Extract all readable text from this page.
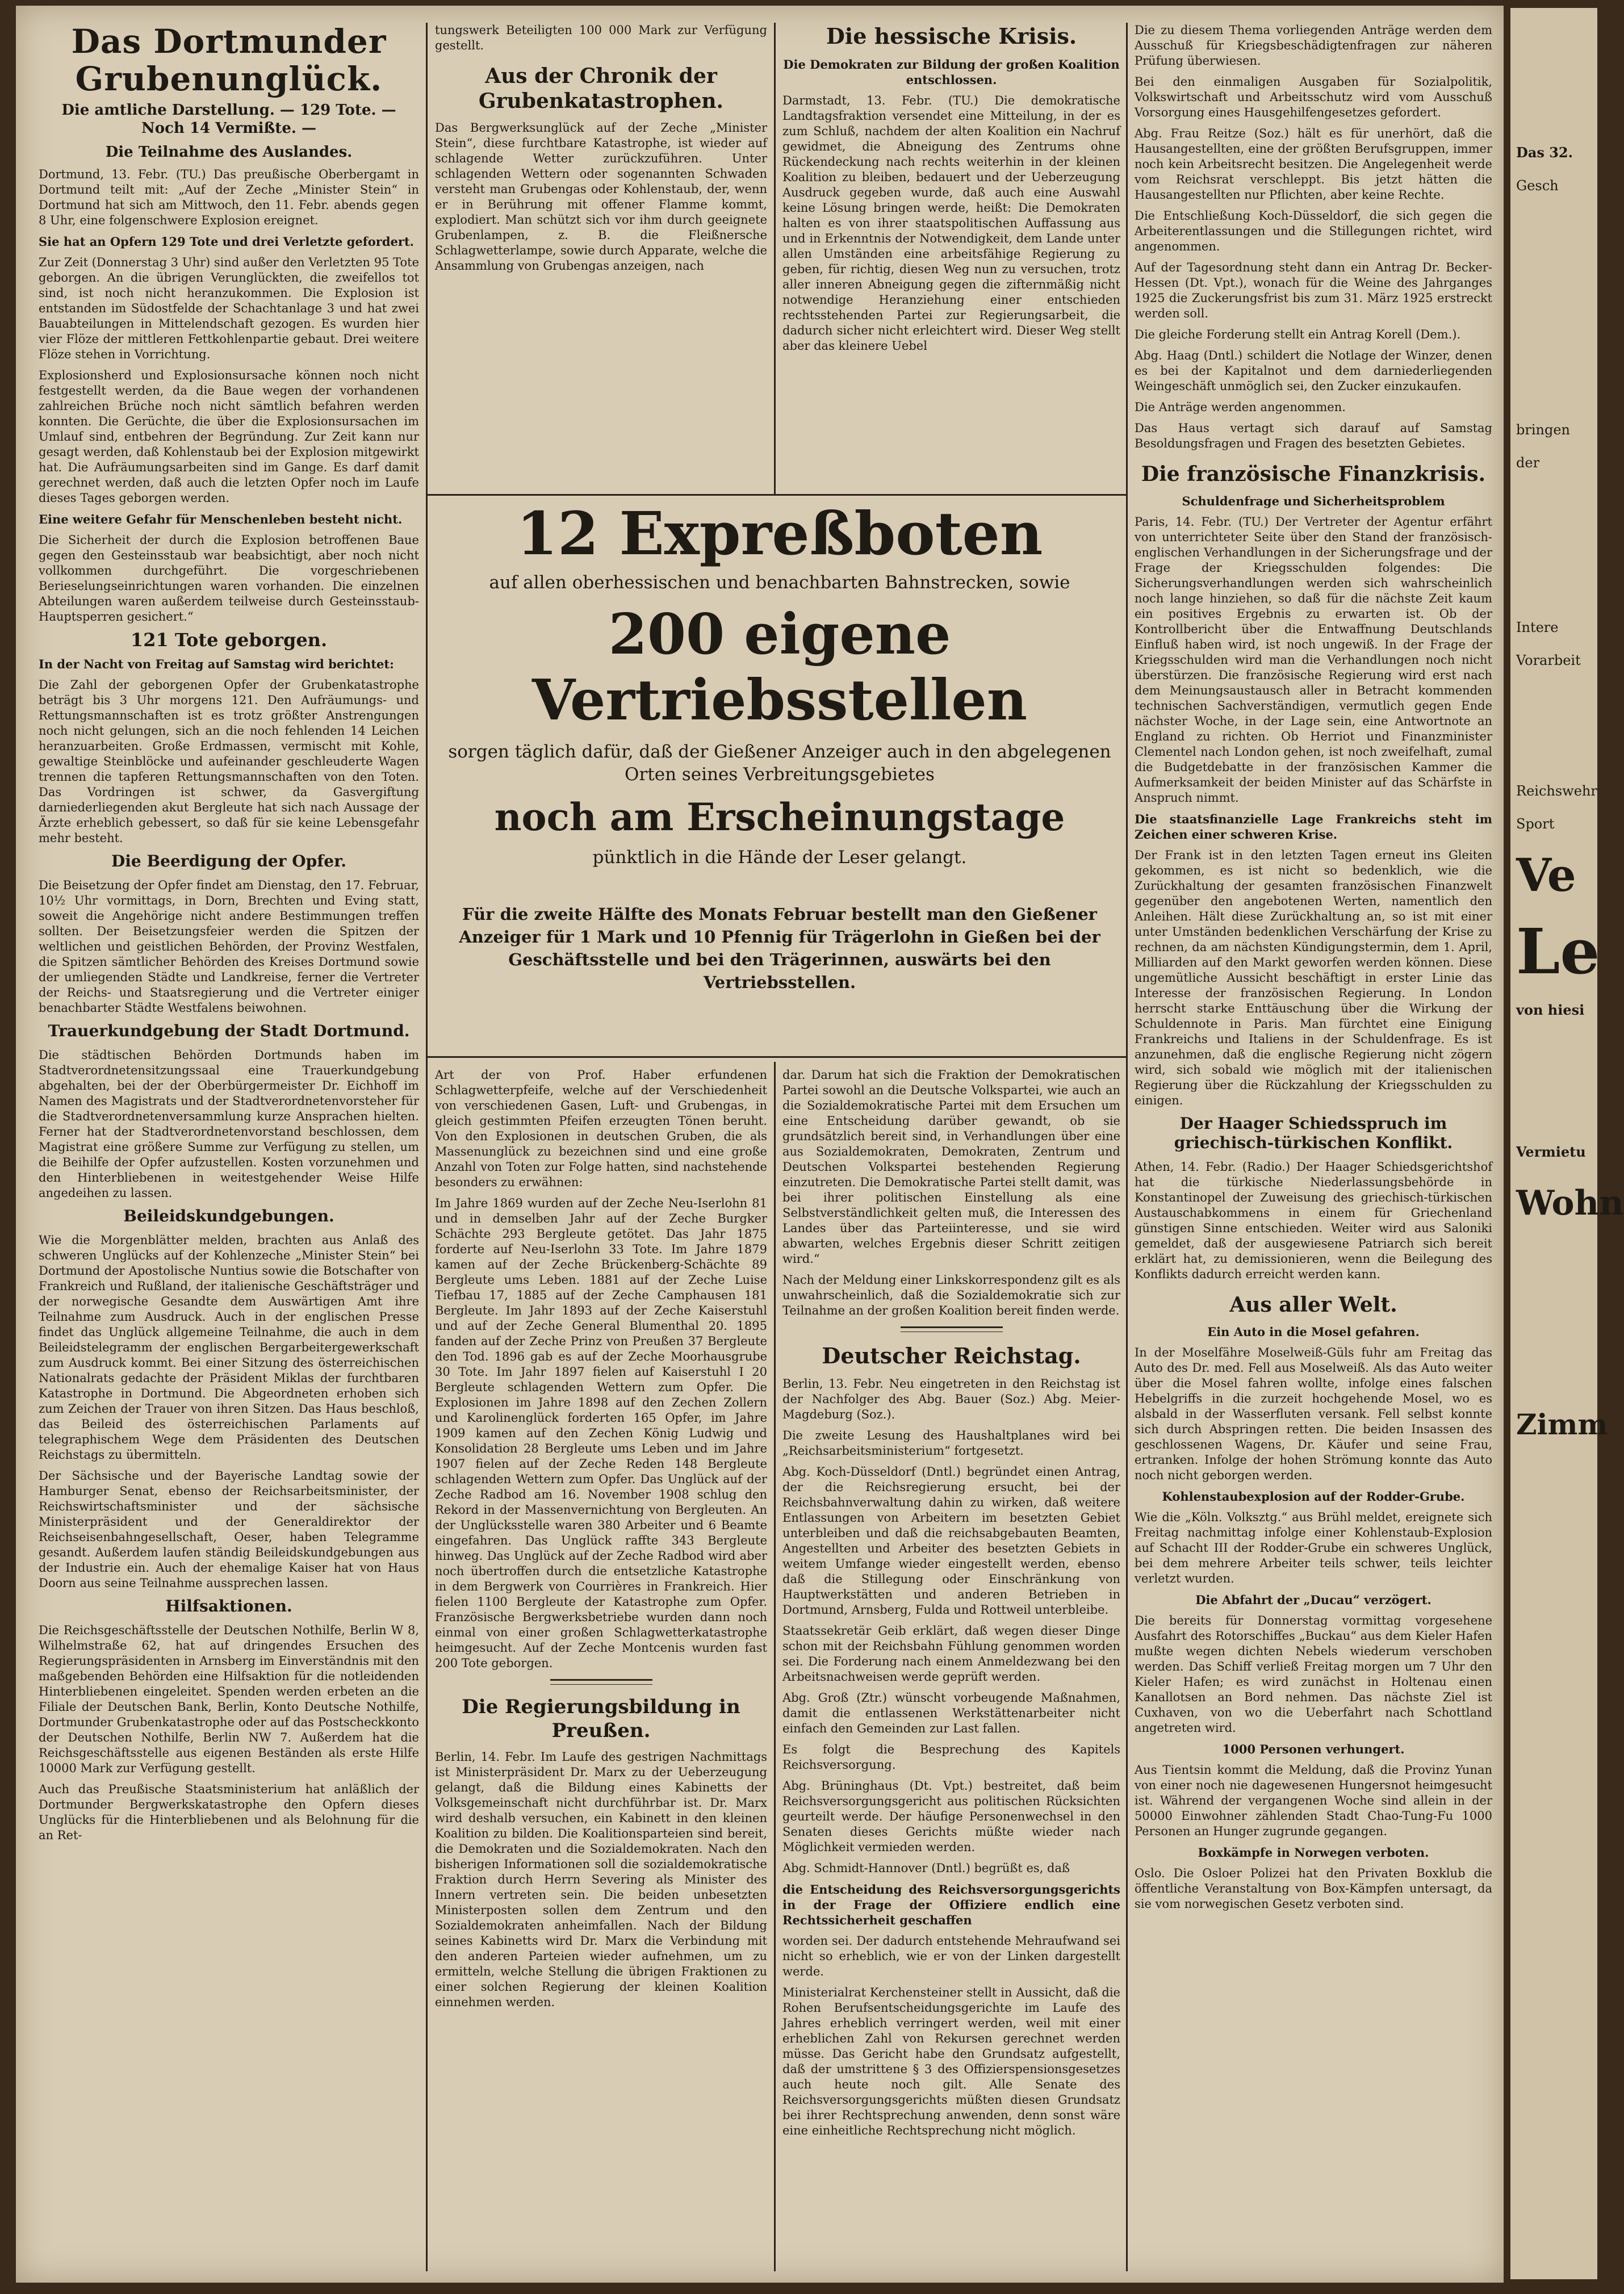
Das Dortmunder Grubenunglück.

Die amtliche Darstellung. — 129 Tote. — Noch 14 Vermißte. —

Die Teilnahme des Auslandes.

Dortmund, 13. Febr. (TU.) Das preußische Oberbergamt in Dortmund teilt mit: „Auf der Zeche „Minister Stein“ in Dortmund hat sich am Mittwoch, den 11. Febr. abends gegen 8 Uhr, eine folgenschwere Explosion ereignet.

Sie hat an Opfern 129 Tote und drei Verletzte gefordert.

Zur Zeit (Donnerstag 3 Uhr) sind außer den Verletzten 95 Tote geborgen. An die übrigen Verunglückten, die zweifellos tot sind, ist noch nicht heranzukommen. Die Explosion ist entstanden im Südostfelde der Schachtanlage 3 und hat zwei Bauabteilungen in Mittelendschaft gezogen. Es wurden hier vier Flöze der mittleren Fettkohlenpartie gebaut. Drei weitere Flöze stehen in Vorrichtung.

Explosionsherd und Explosionsursache können noch nicht festgestellt werden, da die Baue wegen der vorhandenen zahlreichen Brüche noch nicht sämtlich befahren werden konnten. Die Gerüchte, die über die Explosionsursachen im Umlauf sind, entbehren der Begründung. Zur Zeit kann nur gesagt werden, daß Kohlenstaub bei der Explosion mitgewirkt hat. Die Aufräumungsarbeiten sind im Gange. Es darf damit gerechnet werden, daß auch die letzten Opfer noch im Laufe dieses Tages geborgen werden.

Eine weitere Gefahr für Menschenleben besteht nicht.

Die Sicherheit der durch die Explosion betroffenen Baue gegen den Gesteinsstaub war beabsichtigt, aber noch nicht vollkommen durchgeführt. Die vorgeschriebenen Berieselungseinrichtungen waren vorhanden. Die einzelnen Abteilungen waren außerdem teilweise durch Gesteinsstaub-Hauptsperren gesichert.“

121 Tote geborgen.

In der Nacht von Freitag auf Samstag wird berichtet:

Die Zahl der geborgenen Opfer der Grubenkatastrophe beträgt bis 3 Uhr morgens 121. Den Aufräumungs- und Rettungsmannschaften ist es trotz größter Anstrengungen noch nicht gelungen, sich an die noch fehlenden 14 Leichen heranzuarbeiten. Große Erdmassen, vermischt mit Kohle, gewaltige Steinblöcke und aufeinander geschleuderte Wagen trennen die tapferen Rettungsmannschaften von den Toten. Das Vordringen ist schwer, da Gasvergiftung darniederliegenden akut Bergleute hat sich nach Aussage der Ärzte erheblich gebessert, so daß für sie keine Lebensgefahr mehr besteht.

Die Beerdigung der Opfer.

Die Beisetzung der Opfer findet am Dienstag, den 17. Februar, 10½ Uhr vormittags, in Dorn, Brechten und Eving statt, soweit die Angehörige nicht andere Bestimmungen treffen sollten. Der Beisetzungsfeier werden die Spitzen der weltlichen und geistlichen Behörden, der Provinz Westfalen, die Spitzen sämtlicher Behörden des Kreises Dortmund sowie der umliegenden Städte und Landkreise, ferner die Vertreter der Reichs- und Staatsregierung und die Vertreter einiger benachbarter Städte Westfalens beiwohnen.

Trauerkundgebung der Stadt Dortmund.

Die städtischen Behörden Dortmunds haben im Stadtverordnetensitzungssaal eine Trauerkundgebung abgehalten, bei der der Oberbürgermeister Dr. Eichhoff im Namen des Magistrats und der Stadtverordnetenvorsteher für die Stadtverordnetenversammlung kurze Ansprachen hielten. Ferner hat der Stadtverordnetenvorstand beschlossen, dem Magistrat eine größere Summe zur Verfügung zu stellen, um die Beihilfe der Opfer aufzustellen. Kosten vorzunehmen und den Hinterbliebenen in weitestgehender Weise Hilfe angedeihen zu lassen.

Beileidskundgebungen.

Wie die Morgenblätter melden, brachten aus Anlaß des schweren Unglücks auf der Kohlenzeche „Minister Stein“ bei Dortmund der Apostolische Nuntius sowie die Botschafter von Frankreich und Rußland, der italienische Geschäftsträger und der norwegische Gesandte dem Auswärtigen Amt ihre Teilnahme zum Ausdruck. Auch in der englischen Presse findet das Unglück allgemeine Teilnahme, die auch in dem Beileidstelegramm der englischen Bergarbeitergewerkschaft zum Ausdruck kommt. Bei einer Sitzung des österreichischen Nationalrats gedachte der Präsident Miklas der furchtbaren Katastrophe in Dortmund. Die Abgeordneten erhoben sich zum Zeichen der Trauer von ihren Sitzen. Das Haus beschloß, das Beileid des österreichischen Parlaments auf telegraphischem Wege dem Präsidenten des Deutschen Reichstags zu übermitteln.

Der Sächsische und der Bayerische Landtag sowie der Hamburger Senat, ebenso der Reichsarbeitsminister, der Reichswirtschaftsminister und der sächsische Ministerpräsident und der Generaldirektor der Reichseisenbahngesellschaft, Oeser, haben Telegramme gesandt. Außerdem laufen ständig Beileidskundgebungen aus der Industrie ein. Auch der ehemalige Kaiser hat von Haus Doorn aus seine Teilnahme aussprechen lassen.

Hilfsaktionen.

Die Reichsgeschäftsstelle der Deutschen Nothilfe, Berlin W 8, Wilhelmstraße 62, hat auf dringendes Ersuchen des Regierungspräsidenten in Arnsberg im Einverständnis mit den maßgebenden Behörden eine Hilfsaktion für die notleidenden Hinterbliebenen eingeleitet. Spenden werden erbeten an die Filiale der Deutschen Bank, Berlin, Konto Deutsche Nothilfe, Dortmunder Grubenkatastrophe oder auf das Postscheckkonto der Deutschen Nothilfe, Berlin NW 7. Außerdem hat die Reichsgeschäftsstelle aus eigenen Beständen als erste Hilfe 10000 Mark zur Verfügung gestellt.

Auch das Preußische Staatsministerium hat anläßlich der Dortmunder Bergwerkskatastrophe den Opfern dieses Unglücks für die Hinterbliebenen und als Belohnung für die an Ret-

tungswerk Beteiligten 100 000 Mark zur Verfügung gestellt.

Aus der Chronik der Grubenkatastrophen.

Das Bergwerksunglück auf der Zeche „Minister Stein“, diese furchtbare Katastrophe, ist wieder auf schlagende Wetter zurückzuführen. Unter schlagenden Wettern oder sogenannten Schwaden versteht man Grubengas oder Kohlenstaub, der, wenn er in Berührung mit offener Flamme kommt, explodiert. Man schützt sich vor ihm durch geeignete Grubenlampen, z. B. die Fleißnersche Schlagwetterlampe, sowie durch Apparate, welche die Ansammlung von Grubengas anzeigen, nach

Die hessische Krisis.

Die Demokraten zur Bildung der großen Koalition entschlossen.

Darmstadt, 13. Febr. (TU.) Die demokratische Landtagsfraktion versendet eine Mitteilung, in der es zum Schluß, nachdem der alten Koalition ein Nachruf gewidmet, die Abneigung des Zentrums ohne Rückendeckung nach rechts weiterhin in der kleinen Koalition zu bleiben, bedauert und der Ueberzeugung Ausdruck gegeben wurde, daß auch eine Auswahl keine Lösung bringen werde, heißt: Die Demokraten halten es von ihrer staatspolitischen Auffassung aus und in Erkenntnis der Notwendigkeit, dem Lande unter allen Umständen eine arbeitsfähige Regierung zu geben, für richtig, diesen Weg nun zu versuchen, trotz aller inneren Abneigung gegen die zifternmäßig nicht notwendige Heranziehung einer entschieden rechtsstehenden Partei zur Regierungsarbeit, die dadurch sicher nicht erleichtert wird. Dieser Weg stellt aber das kleinere Uebel

12 Expreßboten

auf allen oberhessischen und benachbarten Bahnstrecken, sowie

200 eigene Vertriebsstellen

sorgen täglich dafür, daß der Gießener Anzeiger auch in den abgelegenen Orten seines Verbreitungsgebietes

noch am Erscheinungstage

pünktlich in die Hände der Leser gelangt.

Für die zweite Hälfte des Monats Februar bestellt man den Gießener Anzeiger für 1 Mark und 10 Pfennig für Trägerlohn in Gießen bei der Geschäftsstelle und bei den Trägerinnen, auswärts bei den Vertriebsstellen.

Art der von Prof. Haber erfundenen Schlagwetterpfeife, welche auf der Verschiedenheit von verschiedenen Gasen, Luft- und Grubengas, in gleich gestimmten Pfeifen erzeugten Tönen beruht. Von den Explosionen in deutschen Gruben, die als Massenunglück zu bezeichnen sind und eine große Anzahl von Toten zur Folge hatten, sind nachstehende besonders zu erwähnen:

Im Jahre 1869 wurden auf der Zeche Neu-Iserlohn 81 und in demselben Jahr auf der Zeche Burgker Schächte 293 Bergleute getötet. Das Jahr 1875 forderte auf Neu-Iserlohn 33 Tote. Im Jahre 1879 kamen auf der Zeche Brückenberg-Schächte 89 Bergleute ums Leben. 1881 auf der Zeche Luise Tiefbau 17, 1885 auf der Zeche Camphausen 181 Bergleute. Im Jahr 1893 auf der Zeche Kaiserstuhl und auf der Zeche General Blumenthal 20. 1895 fanden auf der Zeche Prinz von Preußen 37 Bergleute den Tod. 1896 gab es auf der Zeche Moorhausgrube 30 Tote. Im Jahr 1897 fielen auf Kaiserstuhl I 20 Bergleute schlagenden Wettern zum Opfer. Die Explosionen im Jahre 1898 auf den Zechen Zollern und Karolinenglück forderten 165 Opfer, im Jahre 1909 kamen auf den Zechen König Ludwig und Konsolidation 28 Bergleute ums Leben und im Jahre 1907 fielen auf der Zeche Reden 148 Bergleute schlagenden Wettern zum Opfer. Das Unglück auf der Zeche Radbod am 16. November 1908 schlug den Rekord in der Massenvernichtung von Bergleuten. An der Unglücksstelle waren 380 Arbeiter und 6 Beamte eingefahren. Das Unglück raffte 343 Bergleute hinweg. Das Unglück auf der Zeche Radbod wird aber noch übertroffen durch die entsetzliche Katastrophe in dem Bergwerk von Courrières in Frankreich. Hier fielen 1100 Bergleute der Katastrophe zum Opfer. Französische Bergwerksbetriebe wurden dann noch einmal von einer großen Schlagwetterkatastrophe heimgesucht. Auf der Zeche Montcenis wurden fast 200 Tote geborgen.

Die Regierungsbildung in Preußen.

Berlin, 14. Febr. Im Laufe des gestrigen Nachmittags ist Ministerpräsident Dr. Marx zu der Ueberzeugung gelangt, daß die Bildung eines Kabinetts der Volksgemeinschaft nicht durchführbar ist. Dr. Marx wird deshalb versuchen, ein Kabinett in den kleinen Koalition zu bilden. Die Koalitionsparteien sind bereit, die Demokraten und die Sozialdemokraten. Nach den bisherigen Informationen soll die sozialdemokratische Fraktion durch Herrn Severing als Minister des Innern vertreten sein. Die beiden unbesetzten Ministerposten sollen dem Zentrum und den Sozialdemokraten anheimfallen. Nach der Bildung seines Kabinetts wird Dr. Marx die Verbindung mit den anderen Parteien wieder aufnehmen, um zu ermitteln, welche Stellung die übrigen Fraktionen zu einer solchen Regierung der kleinen Koalition einnehmen werden.

dar. Darum hat sich die Fraktion der Demokratischen Partei sowohl an die Deutsche Volkspartei, wie auch an die Sozialdemokratische Partei mit dem Ersuchen um eine Entscheidung darüber gewandt, ob sie grundsätzlich bereit sind, in Verhandlungen über eine aus Sozialdemokraten, Demokraten, Zentrum und Deutschen Volkspartei bestehenden Regierung einzutreten. Die Demokratische Partei stellt damit, was bei ihrer politischen Einstellung als eine Selbstverständlichkeit gelten muß, die Interessen des Landes über das Parteiinteresse, und sie wird abwarten, welches Ergebnis dieser Schritt zeitigen wird.“

Nach der Meldung einer Linkskorrespondenz gilt es als unwahrscheinlich, daß die Sozialdemokratie sich zur Teilnahme an der großen Koalition bereit finden werde.

Deutscher Reichstag.

Berlin, 13. Febr. Neu eingetreten in den Reichstag ist der Nachfolger des Abg. Bauer (Soz.) Abg. Meier-Magdeburg (Soz.).

Die zweite Lesung des Haushaltplanes wird bei „Reichsarbeitsministerium“ fortgesetzt.

Abg. Koch-Düsseldorf (Dntl.) begründet einen Antrag, der die Reichsregierung ersucht, bei der Reichsbahnverwaltung dahin zu wirken, daß weitere Entlassungen von Arbeitern im besetzten Gebiet unterbleiben und daß die reichsabgebauten Beamten, Angestellten und Arbeiter des besetzten Gebiets in weitem Umfange wieder eingestellt werden, ebenso daß die Stillegung oder Einschränkung von Hauptwerkstätten und anderen Betrieben in Dortmund, Arnsberg, Fulda und Rottweil unterbleibe.

Staatssekretär Geib erklärt, daß wegen dieser Dinge schon mit der Reichsbahn Fühlung genommen worden sei. Die Forderung nach einem Anmeldezwang bei den Arbeitsnachweisen werde geprüft werden.

Abg. Groß (Ztr.) wünscht vorbeugende Maßnahmen, damit die entlassenen Werkstättenarbeiter nicht einfach den Gemeinden zur Last fallen.

Es folgt die Besprechung des Kapitels Reichsversorgung.

Abg. Brüninghaus (Dt. Vpt.) bestreitet, daß beim Reichsversorgungsgericht aus politischen Rücksichten geurteilt werde. Der häufige Personenwechsel in den Senaten dieses Gerichts müßte wieder nach Möglichkeit vermieden werden.

Abg. Schmidt-Hannover (Dntl.) begrüßt es, daß

die Entscheidung des Reichsversorgungsgerichts in der Frage der Offiziere endlich eine Rechtssicherheit geschaffen

worden sei. Der dadurch entstehende Mehraufwand sei nicht so erheblich, wie er von der Linken dargestellt werde.

Ministerialrat Kerchensteiner stellt in Aussicht, daß die Rohen Berufsentscheidungsgerichte im Laufe des Jahres erheblich verringert werden, weil mit einer erheblichen Zahl von Rekursen gerechnet werden müsse. Das Gericht habe den Grundsatz aufgestellt, daß der umstrittene § 3 des Offizierspensionsgesetzes auch heute noch gilt. Alle Senate des Reichsversorgungsgerichts müßten diesen Grundsatz bei ihrer Rechtsprechung anwenden, denn sonst wäre eine einheitliche Rechtsprechung nicht möglich.

Die zu diesem Thema vorliegenden Anträge werden dem Ausschuß für Kriegsbeschädigtenfragen zur näheren Prüfung überwiesen.

Bei den einmaligen Ausgaben für Sozialpolitik, Volkswirtschaft und Arbeitsschutz wird vom Ausschuß Vorsorgung eines Hausgehilfengesetzes gefordert.

Abg. Frau Reitze (Soz.) hält es für unerhört, daß die Hausangestellten, eine der größten Berufsgruppen, immer noch kein Arbeitsrecht besitzen. Die Angelegenheit werde vom Reichsrat verschleppt. Bis jetzt hätten die Hausangestellten nur Pflichten, aber keine Rechte.

Die Entschließung Koch-Düsseldorf, die sich gegen die Arbeiterentlassungen und die Stillegungen richtet, wird angenommen.

Auf der Tagesordnung steht dann ein Antrag Dr. Becker-Hessen (Dt. Vpt.), wonach für die Weine des Jahrganges 1925 die Zuckerungsfrist bis zum 31. März 1925 erstreckt werden soll.

Die gleiche Forderung stellt ein Antrag Korell (Dem.).

Abg. Haag (Dntl.) schildert die Notlage der Winzer, denen es bei der Kapitalnot und dem darniederliegenden Weingeschäft unmöglich sei, den Zucker einzukaufen.

Die Anträge werden angenommen.

Das Haus vertagt sich darauf auf Samstag Besoldungsfragen und Fragen des besetzten Gebietes.

Die französische Finanzkrisis.

Schuldenfrage und Sicherheitsproblem

Paris, 14. Febr. (TU.) Der Vertreter der Agentur erfährt von unterrichteter Seite über den Stand der französisch-englischen Verhandlungen in der Sicherungsfrage und der Frage der Kriegsschulden folgendes: Die Sicherungsverhandlungen werden sich wahrscheinlich noch lange hinziehen, so daß für die nächste Zeit kaum ein positives Ergebnis zu erwarten ist. Ob der Kontrollbericht über die Entwaffnung Deutschlands Einfluß haben wird, ist noch ungewiß. In der Frage der Kriegsschulden wird man die Verhandlungen noch nicht überstürzen. Die französische Regierung wird erst nach dem Meinungsaustausch aller in Betracht kommenden technischen Sachverständigen, vermutlich gegen Ende nächster Woche, in der Lage sein, eine Antwortnote an England zu richten. Ob Herriot und Finanzminister Clementel nach London gehen, ist noch zweifelhaft, zumal die Budgetdebatte in der französischen Kammer die Aufmerksamkeit der beiden Minister auf das Schärfste in Anspruch nimmt.

Die staatsfinanzielle Lage Frankreichs steht im Zeichen einer schweren Krise.

Der Frank ist in den letzten Tagen erneut ins Gleiten gekommen, es ist nicht so bedenklich, wie die Zurückhaltung der gesamten französischen Finanzwelt gegenüber den angebotenen Werten, namentlich den Anleihen. Hält diese Zurückhaltung an, so ist mit einer unter Umständen bedenklichen Verschärfung der Krise zu rechnen, da am nächsten Kündigungstermin, dem 1. April, Milliarden auf den Markt geworfen werden können. Diese ungemütliche Aussicht beschäftigt in erster Linie das Interesse der französischen Regierung. In London herrscht starke Enttäuschung über die Wirkung der Schuldennote in Paris. Man fürchtet eine Einigung Frankreichs und Italiens in der Schuldenfrage. Es ist anzunehmen, daß die englische Regierung nicht zögern wird, sich sobald wie möglich mit der italienischen Regierung über die Rückzahlung der Kriegsschulden zu einigen.

Der Haager Schiedsspruch im griechisch-türkischen Konflikt.

Athen, 14. Febr. (Radio.) Der Haager Schiedsgerichtshof hat die türkische Niederlassungsbehörde in Konstantinopel der Zuweisung des griechisch-türkischen Austauschabkommens in einem für Griechenland günstigen Sinne entschieden. Weiter wird aus Saloniki gemeldet, daß der ausgewiesene Patriarch sich bereit erklärt hat, zu demissionieren, wenn die Beilegung des Konflikts dadurch erreicht werden kann.

Aus aller Welt.

Ein Auto in die Mosel gefahren.

In der Moselfähre Moselweiß-Güls fuhr am Freitag das Auto des Dr. med. Fell aus Moselweiß. Als das Auto weiter über die Mosel fahren wollte, infolge eines falschen Hebelgriffs in die zurzeit hochgehende Mosel, wo es alsbald in der Wasserfluten versank. Fell selbst konnte sich durch Abspringen retten. Die beiden Insassen des geschlossenen Wagens, Dr. Käufer und seine Frau, ertranken. Infolge der hohen Strömung konnte das Auto noch nicht geborgen werden.

Kohlenstaubexplosion auf der Rodder-Grube.

Wie die „Köln. Volksztg.“ aus Brühl meldet, ereignete sich Freitag nachmittag infolge einer Kohlenstaub-Explosion auf Schacht III der Rodder-Grube ein schweres Unglück, bei dem mehrere Arbeiter teils schwer, teils leichter verletzt wurden.

Die Abfahrt der „Ducau“ verzögert.

Die bereits für Donnerstag vormittag vorgesehene Ausfahrt des Rotorschiffes „Buckau“ aus dem Kieler Hafen mußte wegen dichten Nebels wiederum verschoben werden. Das Schiff verließ Freitag morgen um 7 Uhr den Kieler Hafen; es wird zunächst in Holtenau einen Kanallotsen an Bord nehmen. Das nächste Ziel ist Cuxhaven, von wo die Ueberfahrt nach Schottland angetreten wird.

1000 Personen verhungert.

Aus Tientsin kommt die Meldung, daß die Provinz Yunan von einer noch nie dagewesenen Hungersnot heimgesucht ist. Während der vergangenen Woche sind allein in der 50000 Einwohner zählenden Stadt Chao-Tung-Fu 1000 Personen an Hunger zugrunde gegangen.

Boxkämpfe in Norwegen verboten.

Oslo. Die Osloer Polizei hat den Privaten Boxklub die öffentliche Veranstaltung von Box-Kämpfen untersagt, da sie vom norwegischen Gesetz verboten sind.

Das 32.

Gesch

bringen

der

Intere

Vorarbeit

Reichswehr

Sport

Ve

Le

von hiesi

Vermietu

Wohn

Zimm
